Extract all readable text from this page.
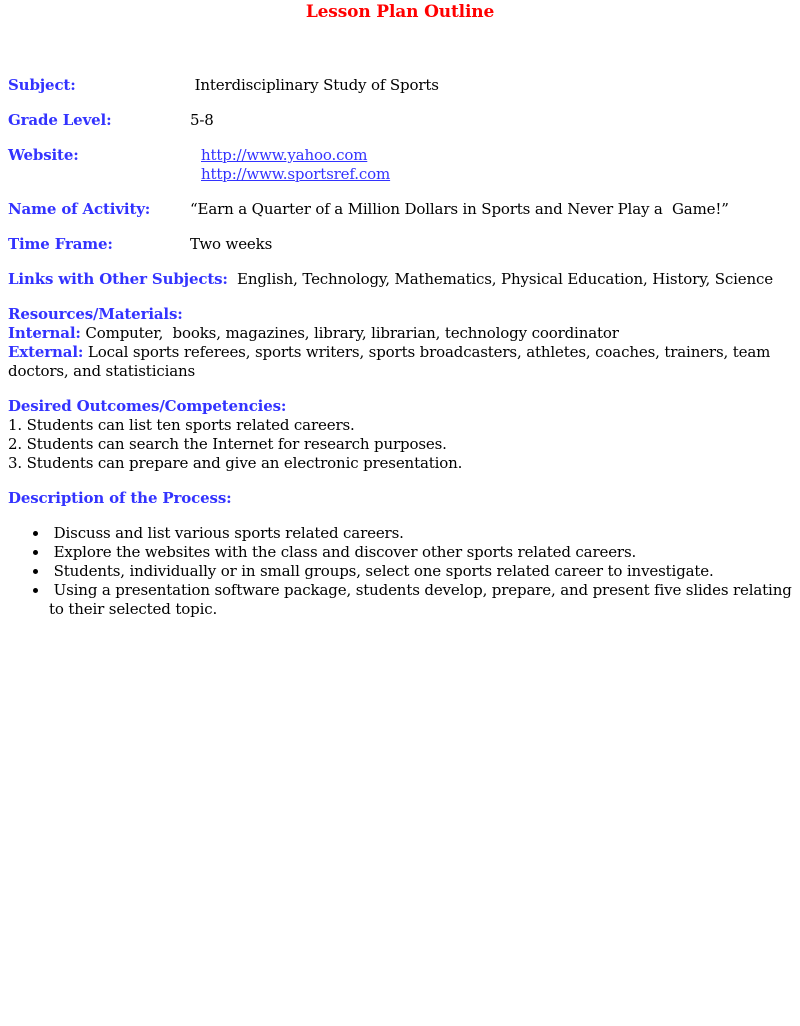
Lesson Plan Outline
Subject:	Interdisciplinary Study of Sports
Grade Level:	5-8
Website:	http://www.yahoo.com
http://www.sportsref.com
Name of Activity:	“Earn a Quarter of a Million Dollars in Sports and Never Play a  Game!”
Time Frame:	Two weeks

Links with Other Subjects:  English, Technology, Mathematics, Physical Education, History, Science

Resources/Materials:
Internal: Computer,  books, magazines, library, librarian, technology coordinator
External: Local sports referees, sports writers, sports broadcasters, athletes, coaches, trainers, team doctors, and statisticians
Desired Outcomes/Competencies:
1. Students can list ten sports related careers.
2. Students can search the Internet for research purposes.
3. Students can prepare and give an electronic presentation.

Description of the Process:

•  Discuss and list various sports related careers.
•  Explore the websites with the class and discover other sports related careers.
•  Students, individually or in small groups, select one sports related career to investigate.
•  Using a presentation software package, students develop, prepare, and present five slides relating to their selected topic.
